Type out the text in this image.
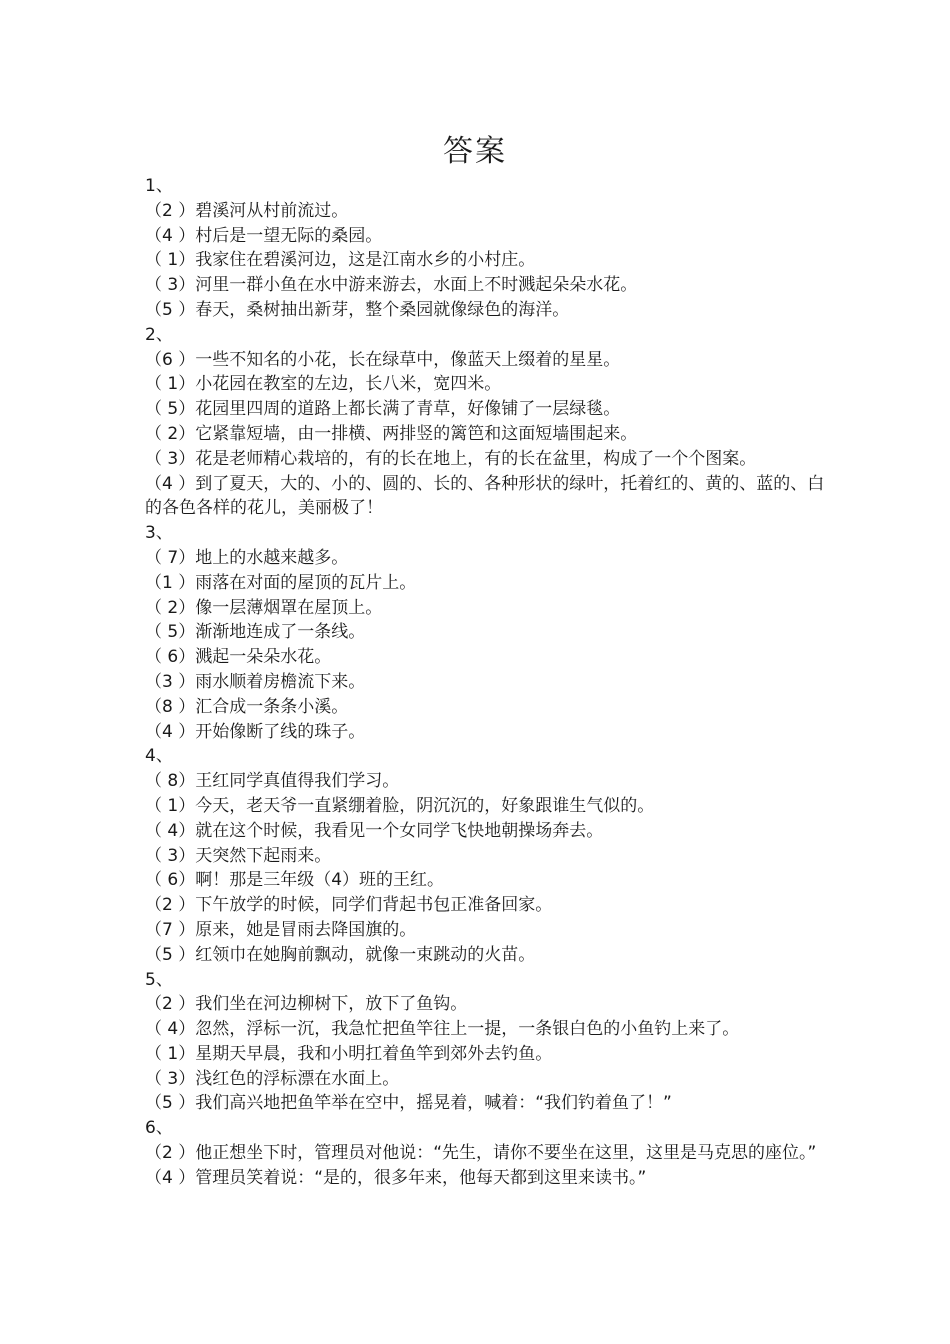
答案
1、
（2 ）碧溪河从村前流过。
（4 ）村后是一望无际的桑园。
（ 1）我家住在碧溪河边，这是江南水乡的小村庄。
（ 3）河里一群小鱼在水中游来游去，水面上不时溅起朵朵水花。
（5 ）春天，桑树抽出新芽，整个桑园就像绿色的海洋。
2、
（6 ）一些不知名的小花，长在绿草中，像蓝天上缀着的星星。
（ 1）小花园在教室的左边，长八米，宽四米。
（ 5）花园里四周的道路上都长满了青草，好像铺了一层绿毯。
（ 2）它紧靠短墙，由一排横、两排竖的篱笆和这面短墙围起来。
（ 3）花是老师精心栽培的，有的长在地上，有的长在盆里，构成了一个个图案。
（4 ）到了夏天，大的、小的、圆的、长的、各种形状的绿叶，托着红的、黄的、蓝的、白的各色各样的花儿，美丽极了！
3、
（ 7）地上的水越来越多。
（1 ）雨落在对面的屋顶的瓦片上。
（ 2）像一层薄烟罩在屋顶上。
（ 5）渐渐地连成了一条线。
（ 6）溅起一朵朵水花。
（3 ）雨水顺着房檐流下来。
（8 ）汇合成一条条小溪。
（4 ）开始像断了线的珠子。
4、
（ 8）王红同学真值得我们学习。
（ 1）今天，老天爷一直紧绷着脸，阴沉沉的，好象跟谁生气似的。
（ 4）就在这个时候，我看见一个女同学飞快地朝操场奔去。
（ 3）天突然下起雨来。
（ 6）啊！那是三年级（4）班的王红。
（2 ）下午放学的时候，同学们背起书包正准备回家。
（7 ）原来，她是冒雨去降国旗的。
（5 ）红领巾在她胸前飘动，就像一束跳动的火苗。
5、
（2 ）我们坐在河边柳树下，放下了鱼钩。
（ 4）忽然，浮标一沉，我急忙把鱼竿往上一提，一条银白色的小鱼钓上来了。
（ 1）星期天早晨，我和小明扛着鱼竿到郊外去钓鱼。
（ 3）浅红色的浮标漂在水面上。
（5 ）我们高兴地把鱼竿举在空中，摇晃着，喊着：“我们钓着鱼了！”
6、
（2 ）他正想坐下时，管理员对他说：“先生，请你不要坐在这里，这里是马克思的座位。”
（4 ）管理员笑着说：“是的，很多年来，他每天都到这里来读书。”
